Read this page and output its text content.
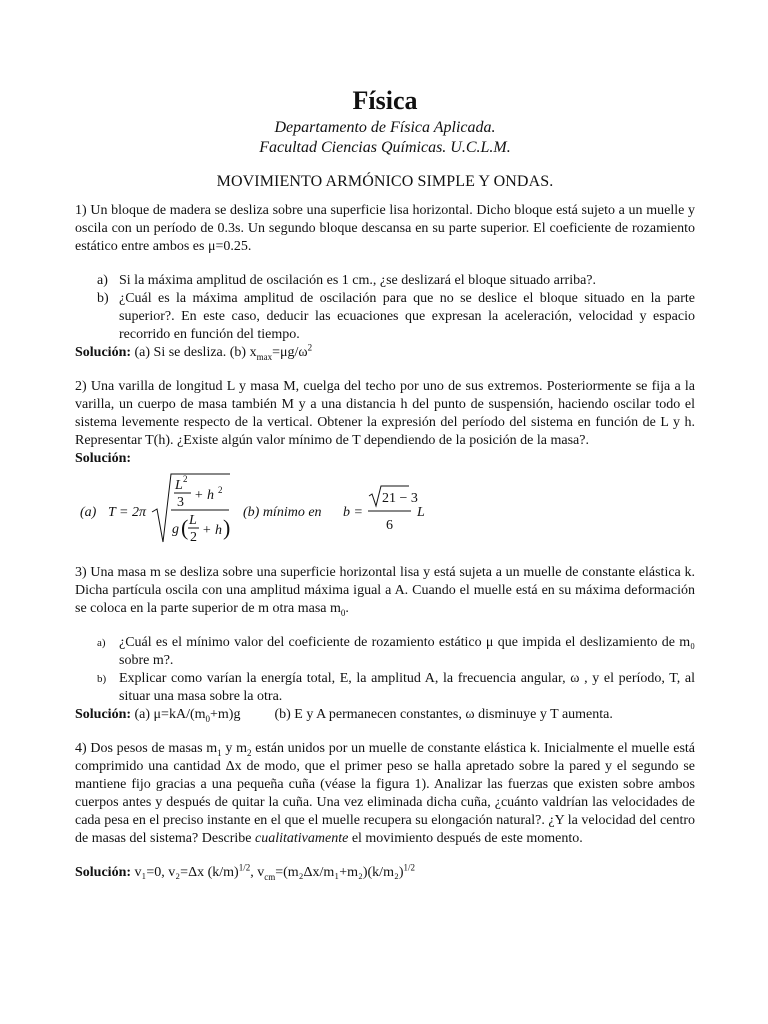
Física
Departamento de Física Aplicada.
Facultad Ciencias Químicas. U.C.L.M.
MOVIMIENTO ARMÓNICO SIMPLE Y ONDAS.

1) Un bloque de madera se desliza sobre una superficie lisa horizontal. Dicho bloque está sujeto a un muelle y oscila con un período de 0.3s. Un segundo bloque descansa en su parte superior. El coeficiente de rozamiento estático entre ambos es μ=0.25.

a) Si la máxima amplitud de oscilación es 1 cm., ¿se deslizará el bloque situado arriba?.
b) ¿Cuál es la máxima amplitud de oscilación para que no se deslice el bloque situado en la parte superior?. En este caso, deducir las ecuaciones que expresan la aceleración, velocidad y espacio recorrido en función del tiempo.

Solución: (a) Si se desliza. (b) $x_{max}=\mu g/\omega^2$

2) Una varilla de longitud L y masa M, cuelga del techo por uno de sus extremos. Posteriormente se fija a la varilla, un cuerpo de masa también M y a una distancia h del punto de suspensión, haciendo oscilar todo el sistema levemente respecto de la vertical. Obtener la expresión del período del sistema en función de L y h. Representar T(h). ¿Existe algún valor mínimo de T dependiendo de la posición de la masa?.

Solución:

(a) T = 2π
L 2
3 + h 2
g ( L
2 + h )
(b) mínimo en b =
21 − 3
6
L

3) Una masa m se desliza sobre una superficie horizontal lisa y está sujeta a un muelle de constante elástica k. Dicha partícula oscila con una amplitud máxima igual a A. Cuando el muelle está en su máxima deformación se coloca en la parte superior de m otra masa $m_0$.

a) ¿Cuál es el mínimo valor del coeficiente de rozamiento estático μ que impida el deslizamiento de m₀ sobre m?.
b) Explicar como varían la energía total, E, la amplitud A, la frecuencia angular, ω , y el período, T, al situar una masa sobre la otra.

Solución: (a) $\mu=kA/(m_0+m)g$ (b) E y A permanecen constantes, ω disminuye y T aumenta.

4) Dos pesos de masas $m_1$ y $m_2$ están unidos por un muelle de constante elástica k. Inicialmente el muelle está comprimido una cantidad Δx de modo, que el primer peso se halla apretado sobre la pared y el segundo se mantiene fijo gracias a una pequeña cuña (véase la figura 1). Analizar las fuerzas que existen sobre ambos cuerpos antes y después de quitar la cuña. Una vez eliminada dicha cuña, ¿cuánto valdrían las velocidades de cada pesa en el preciso instante en el que el muelle recupera su elongación natural?. ¿Y la velocidad del centro de masas del sistema? Describe cualitativamente el movimiento después de este momento.

Solución: v₁=0, v₂=Δx $(k/m)^{1/2}$, $v_{cm}=(m_2\Delta x/m_1+m_2)(k/m_2)^{1/2}$
